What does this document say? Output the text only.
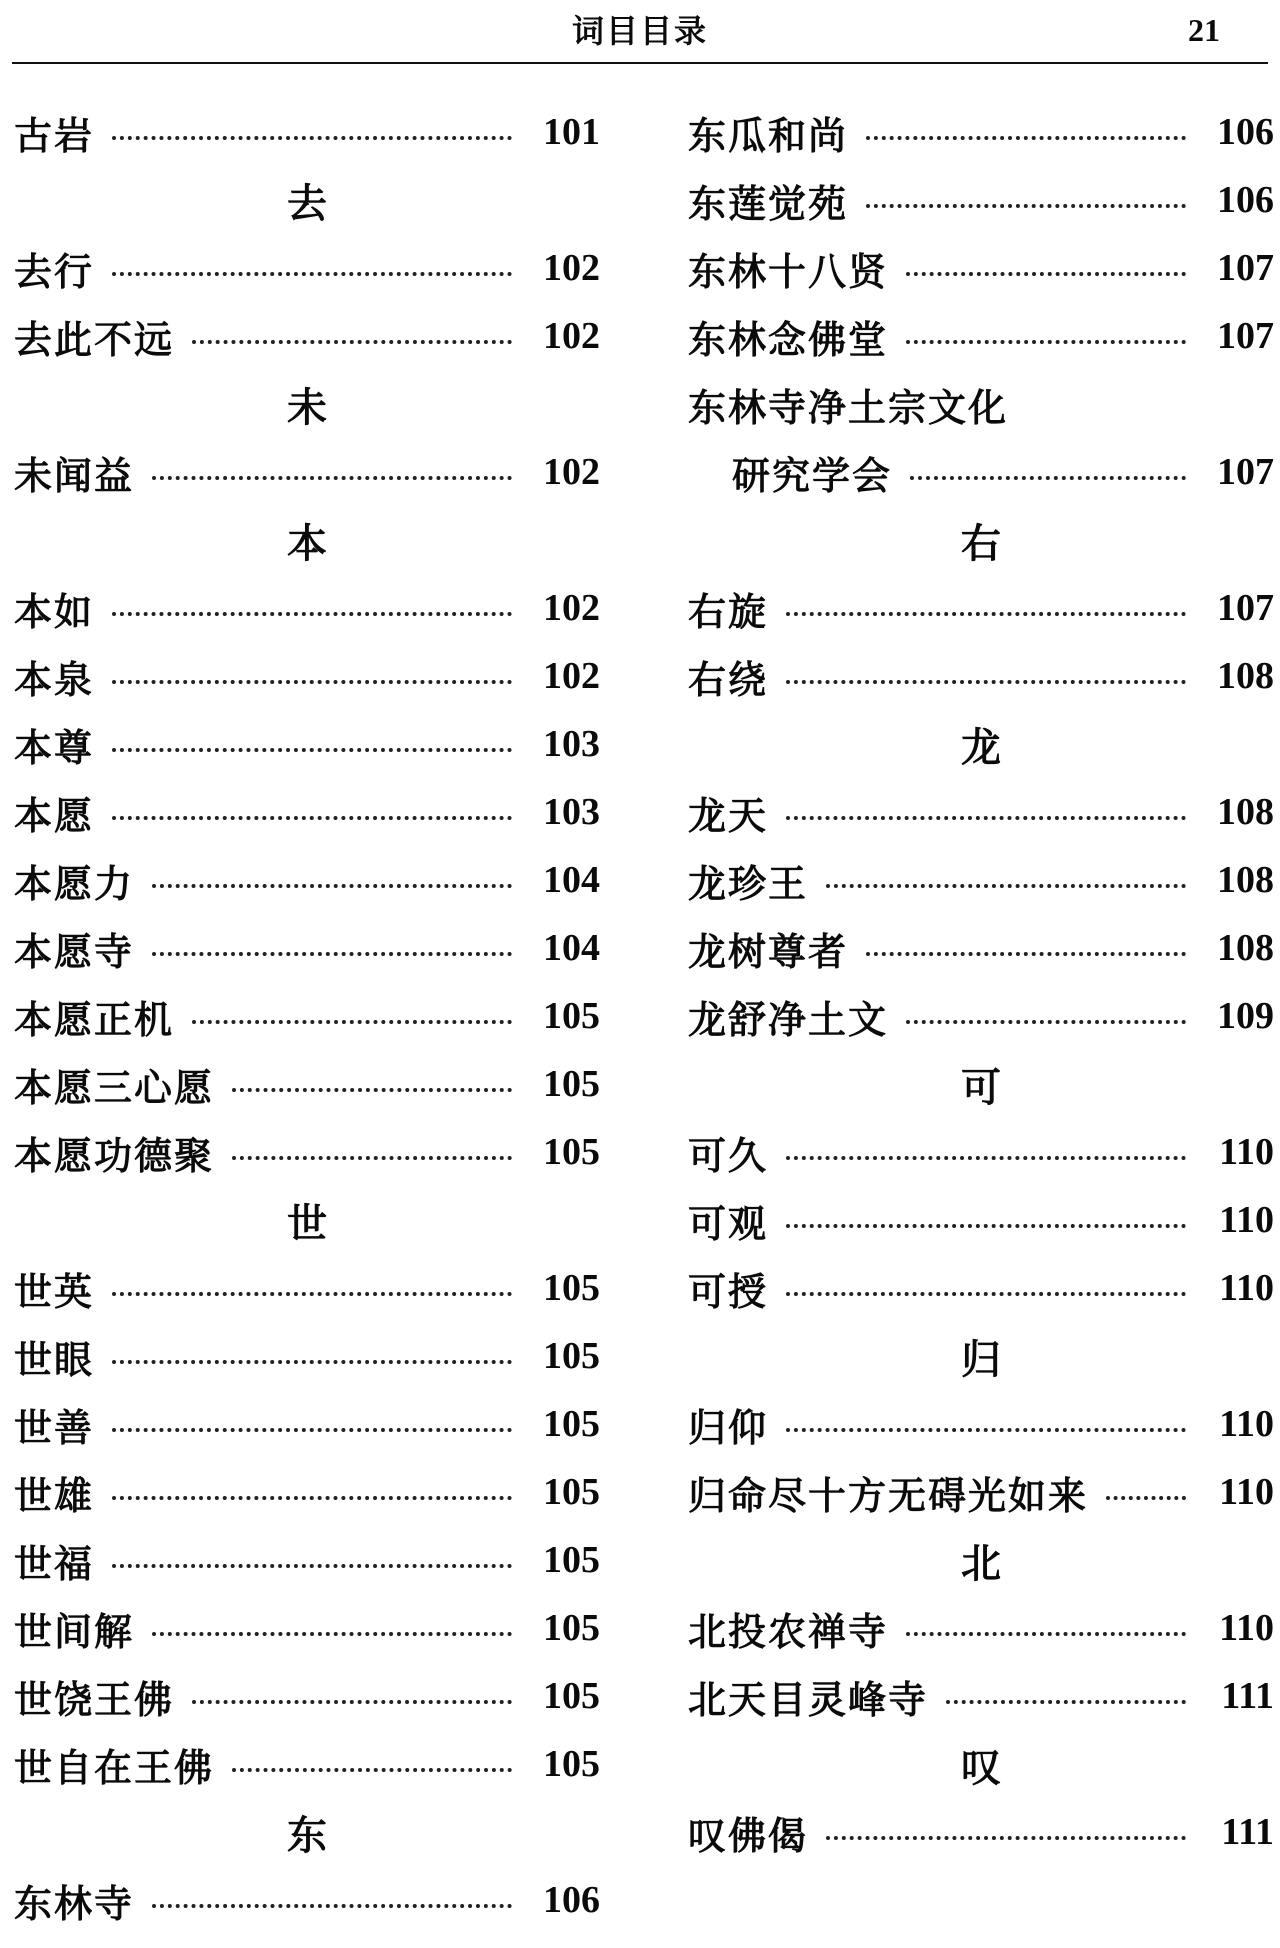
词目目录	21
古岩	101
去
去行	102
去此不远	102
未
未闻益	102
本
本如	102
本泉	102
本尊	103
本愿	103
本愿力	104
本愿寺	104
本愿正机	105
本愿三心愿	105
本愿功德聚	105
世
世英	105
世眼	105
世善	105
世雄	105
世福	105
世间解	105
世饶王佛	105
世自在王佛	105
东
东林寺	106
东瓜和尚	106
东莲觉苑	106
东林十八贤	107
东林念佛堂	107
东林寺净土宗文化
研究学会	107
右
右旋	107
右绕	108
龙
龙天	108
龙珍王	108
龙树尊者	108
龙舒净土文	109
可
可久	110
可观	110
可授	110
归
归仰	110
归命尽十方无碍光如来	110
北
北投农禅寺	110
北天目灵峰寺	111
叹
叹佛偈	111
